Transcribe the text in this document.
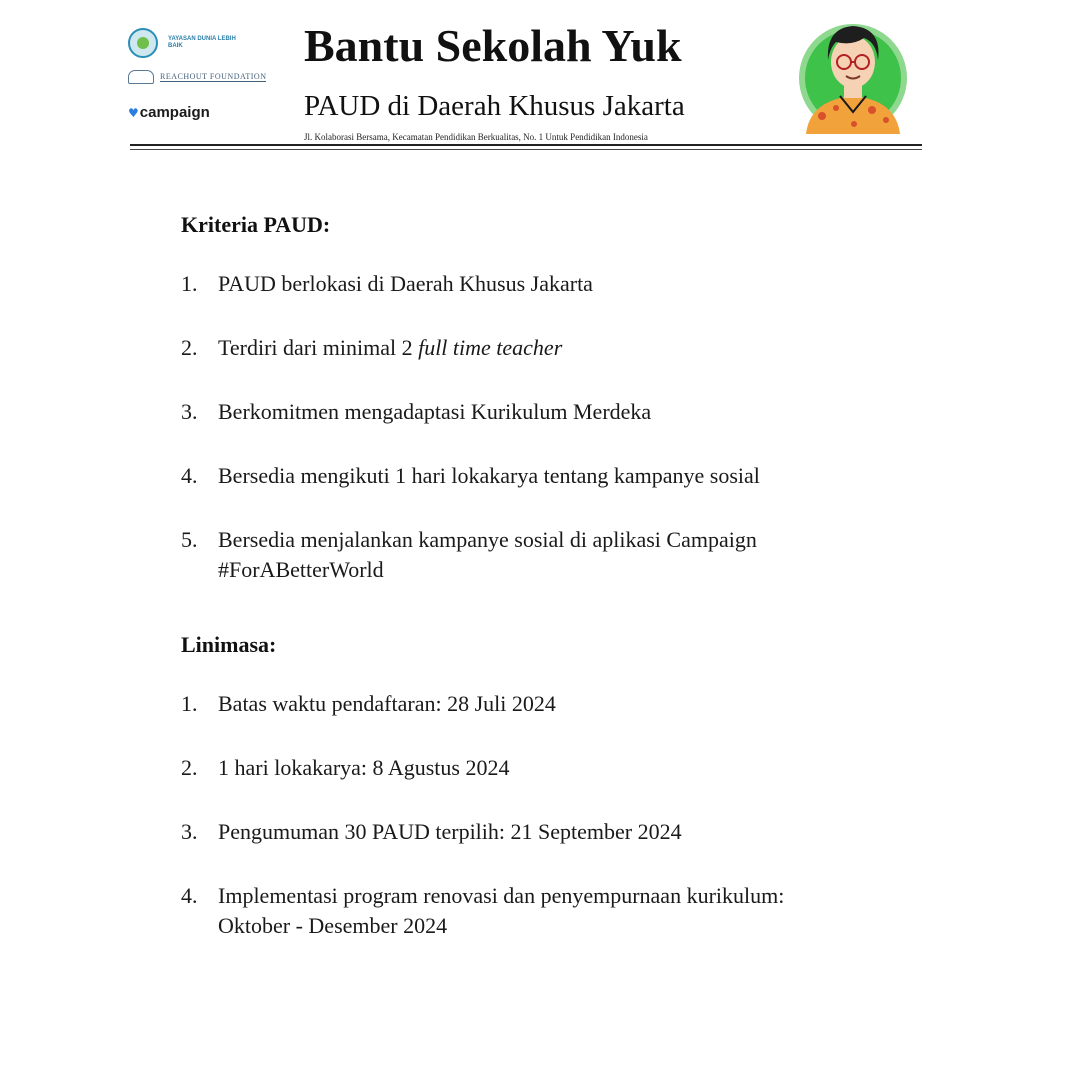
YAYASAN DUNIA LEBIH BAIK
REACHOUT FOUNDATION
♥ campaign
Bantu Sekolah Yuk
PAUD di Daerah Khusus Jakarta
Jl. Kolaborasi Bersama, Kecamatan Pendidikan Berkualitas, No. 1 Untuk Pendidikan Indonesia
Kriteria PAUD:
1. PAUD berlokasi di Daerah Khusus Jakarta
2. Terdiri dari minimal 2 full time teacher
3. Berkomitmen mengadaptasi Kurikulum Merdeka
4. Bersedia mengikuti 1 hari lokakarya tentang kampanye sosial
5. Bersedia menjalankan kampanye sosial di aplikasi Campaign #ForABetterWorld
Linimasa:
1. Batas waktu pendaftaran: 28 Juli 2024
2. 1 hari lokakarya: 8 Agustus 2024
3. Pengumuman 30 PAUD terpilih: 21 September 2024
4. Implementasi program renovasi dan penyempurnaan kurikulum: Oktober - Desember 2024
